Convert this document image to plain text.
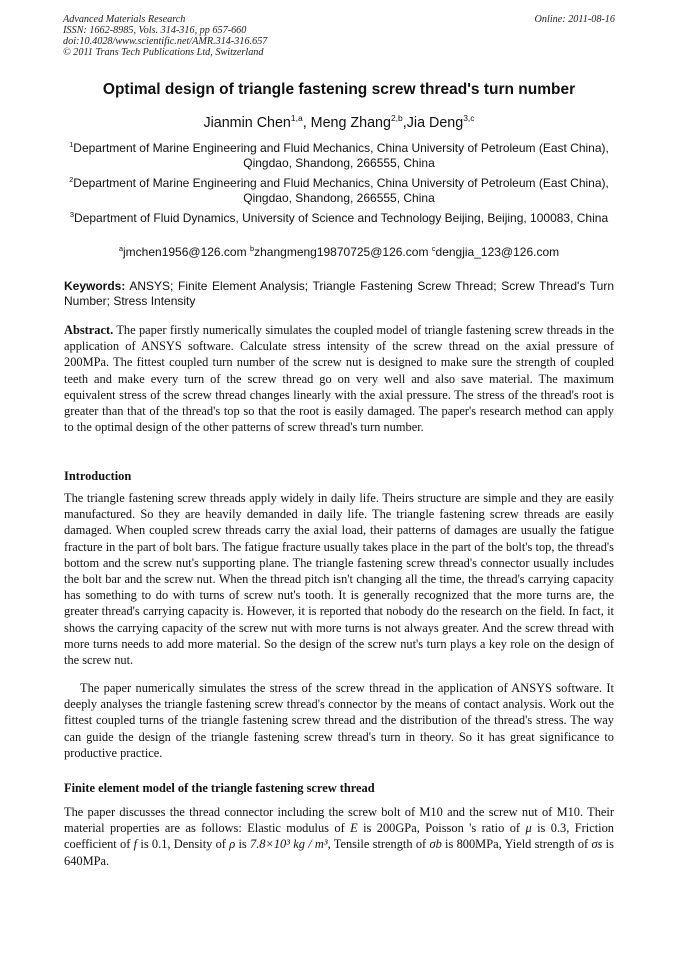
Advanced Materials Research
ISSN: 1662-8985, Vols. 314-316, pp 657-660
doi:10.4028/www.scientific.net/AMR.314-316.657
© 2011 Trans Tech Publications Ltd, Switzerland
Online: 2011-08-16
Optimal design of triangle fastening screw thread's turn number
Jianmin Chen$^{1,a}$, Meng Zhang$^{2,b}$,Jia Deng$^{3,c}$
$^1$Department of Marine Engineering and Fluid Mechanics, China University of Petroleum (East China), Qingdao, Shandong, 266555, China
$^2$Department of Marine Engineering and Fluid Mechanics, China University of Petroleum (East China), Qingdao, Shandong, 266555, China
$^3$Department of Fluid Dynamics, University of Science and Technology Beijing, Beijing, 100083, China
$^a$jmchen1956@126.com $^b$zhangmeng19870725@126.com $^c$dengjia_123@126.com
Keywords: ANSYS; Finite Element Analysis; Triangle Fastening Screw Thread; Screw Thread's Turn Number; Stress Intensity
Abstract. The paper firstly numerically simulates the coupled model of triangle fastening screw threads in the application of ANSYS software. Calculate stress intensity of the screw thread on the axial pressure of 200MPa. The fittest coupled turn number of the screw nut is designed to make sure the strength of coupled teeth and make every turn of the screw thread go on very well and also save material. The maximum equivalent stress of the screw thread changes linearly with the axial pressure. The stress of the thread's root is greater than that of the thread's top so that the root is easily damaged. The paper's research method can apply to the optimal design of the other patterns of screw thread's turn number.
Introduction
The triangle fastening screw threads apply widely in daily life. Theirs structure are simple and they are easily manufactured. So they are heavily demanded in daily life. The triangle fastening screw threads are easily damaged. When coupled screw threads carry the axial load, their patterns of damages are usually the fatigue fracture in the part of bolt bars. The fatigue fracture usually takes place in the part of the bolt's top, the thread's bottom and the screw nut's supporting plane. The triangle fastening screw thread's connector usually includes the bolt bar and the screw nut. When the thread pitch isn't changing all the time, the thread's carrying capacity has something to do with turns of screw nut's tooth. It is generally recognized that the more turns are, the greater thread's carrying capacity is. However, it is reported that nobody do the research on the field. In fact, it shows the carrying capacity of the screw nut with more turns is not always greater. And the screw thread with more turns needs to add more material. So the design of the screw nut's turn plays a key role on the design of the screw nut.
The paper numerically simulates the stress of the screw thread in the application of ANSYS software. It deeply analyses the triangle fastening screw thread's connector by the means of contact analysis. Work out the fittest coupled turns of the triangle fastening screw thread and the distribution of the thread's stress. The way can guide the design of the triangle fastening screw thread's turn in theory. So it has great significance to productive practice.
Finite element model of the triangle fastening screw thread
The paper discusses the thread connector including the screw bolt of M10 and the screw nut of M10. Their material properties are as follows: Elastic modulus of E is 200GPa, Poisson 's ratio of μ is 0.3, Friction coefficient of f is 0.1, Density of ρ is 7.8×10³ kg / m³, Tensile strength of σb is 800MPa, Yield strength of σs is 640MPa.
